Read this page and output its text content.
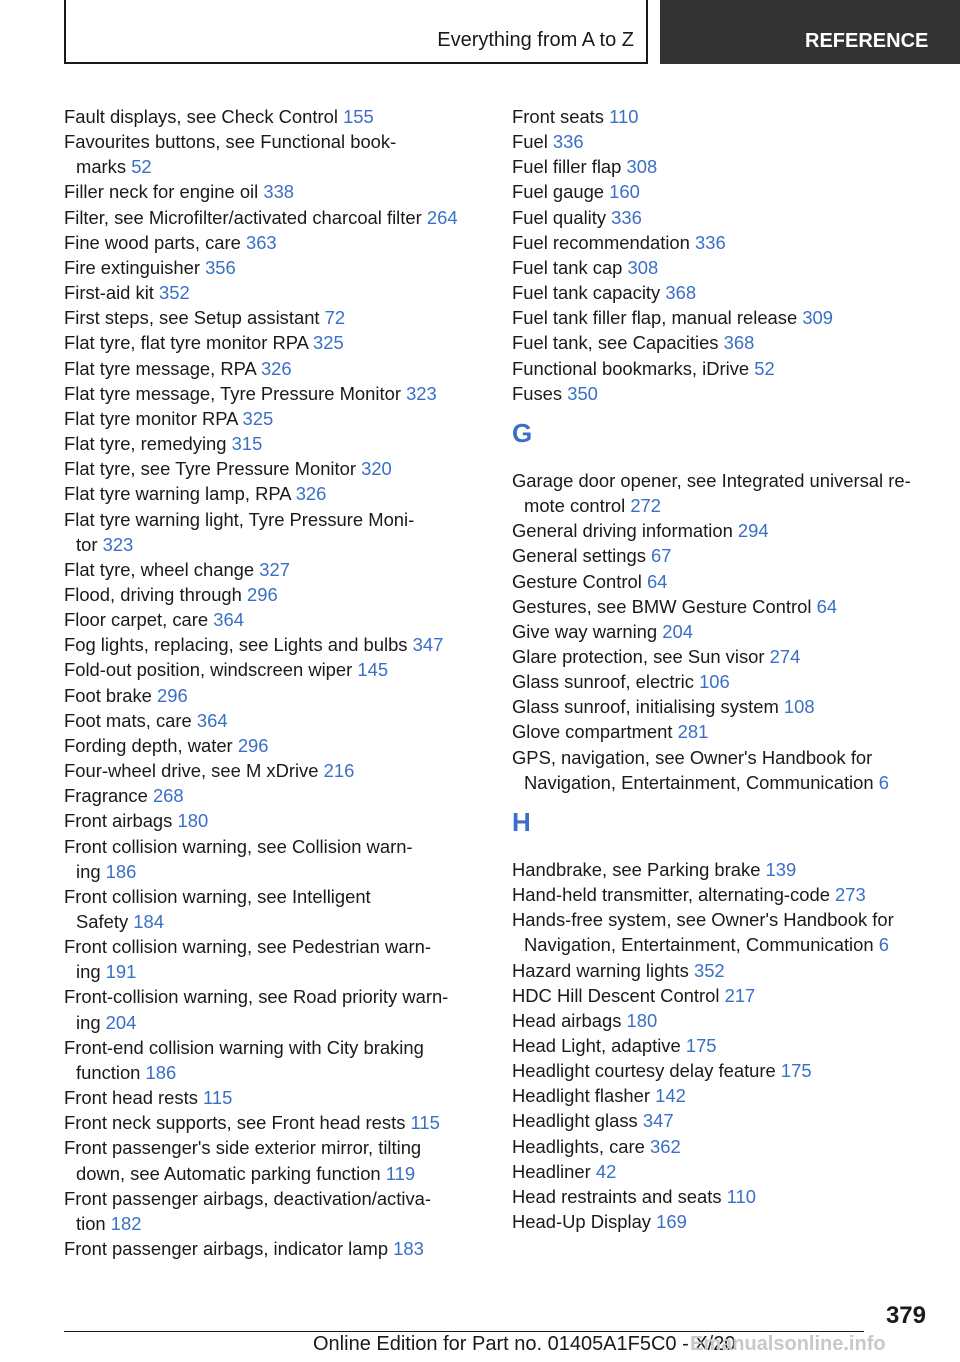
Everything from A to Z	REFERENCE
Fault displays, see Check Control 155
Favourites buttons, see Functional book‐
marks 52
Filler neck for engine oil 338
Filter, see Microfilter/activated charcoal filter 264
Fine wood parts, care 363
Fire extinguisher 356
First-aid kit 352
First steps, see Setup assistant 72
Flat tyre, flat tyre monitor RPA 325
Flat tyre message, RPA 326
Flat tyre message, Tyre Pressure Monitor 323
Flat tyre monitor RPA 325
Flat tyre, remedying 315
Flat tyre, see Tyre Pressure Monitor 320
Flat tyre warning lamp, RPA 326
Flat tyre warning light, Tyre Pressure Moni‐
tor 323
Flat tyre, wheel change 327
Flood, driving through 296
Floor carpet, care 364
Fog lights, replacing, see Lights and bulbs 347
Fold-out position, windscreen wiper 145
Foot brake 296
Foot mats, care 364
Fording depth, water 296
Four-wheel drive, see M xDrive 216
Fragrance 268
Front airbags 180
Front collision warning, see Collision warn‐
ing 186
Front collision warning, see Intelligent
Safety 184
Front collision warning, see Pedestrian warn‐
ing 191
Front-collision warning, see Road priority warn‐
ing 204
Front-end collision warning with City braking
function 186
Front head rests 115
Front neck supports, see Front head rests 115
Front passenger's side exterior mirror, tilting
down, see Automatic parking function 119
Front passenger airbags, deactivation/activa‐
tion 182
Front passenger airbags, indicator lamp 183
Front seats 110
Fuel 336
Fuel filler flap 308
Fuel gauge 160
Fuel quality 336
Fuel recommendation 336
Fuel tank cap 308
Fuel tank capacity 368
Fuel tank filler flap, manual release 309
Fuel tank, see Capacities 368
Functional bookmarks, iDrive 52
Fuses 350
G
Garage door opener, see Integrated universal re‐
mote control 272
General driving information 294
General settings 67
Gesture Control 64
Gestures, see BMW Gesture Control 64
Give way warning 204
Glare protection, see Sun visor 274
Glass sunroof, electric 106
Glass sunroof, initialising system 108
Glove compartment 281
GPS, navigation, see Owner's Handbook for
Navigation, Entertainment, Communication 6
H
Handbrake, see Parking brake 139
Hand-held transmitter, alternating-code 273
Hands-free system, see Owner's Handbook for
Navigation, Entertainment, Communication 6
Hazard warning lights 352
HDC Hill Descent Control 217
Head airbags 180
Head Light, adaptive 175
Headlight courtesy delay feature 175
Headlight flasher 142
Headlight glass 347
Headlights, care 362
Headliner 42
Head restraints and seats 110
Head-Up Display 169
379
Online Edition for Part no. 01405A1F5C0 - X/20
Emanualsonline.info
